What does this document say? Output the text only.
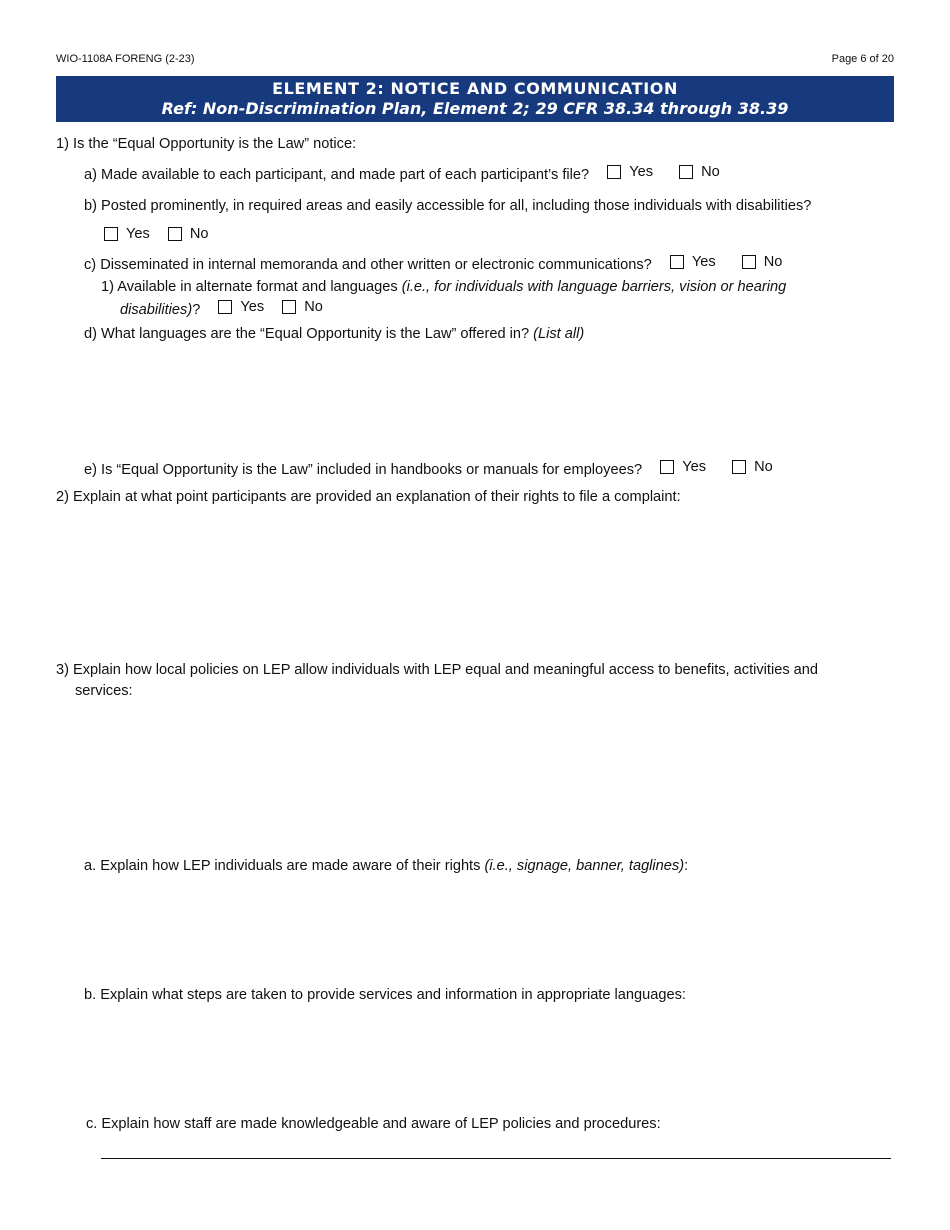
WIO-1108A FORENG (2-23)	Page 6 of 20
ELEMENT 2: NOTICE AND COMMUNICATION
Ref: Non-Discrimination Plan, Element 2; 29 CFR 38.34 through 38.39
1) Is the “Equal Opportunity is the Law” notice:
a) Made available to each participant, and made part of each participant’s file?	Yes
	No
b) Posted prominently, in required areas and easily accessible for all, including those individuals with disabilities?
Yes
	No
c) Disseminated in internal memoranda and other written or electronic communications?	Yes
	No
1) Available in alternate format and languages (i.e., for individuals with language barriers, vision or hearing
disabilities)?	Yes
	No
d) What languages are the “Equal Opportunity is the Law” offered in? (List all)
e) Is “Equal Opportunity is the Law” included in handbooks or manuals for employees?	Yes
	No
2) Explain at what point participants are provided an explanation of their rights to file a complaint:
3) Explain how local policies on LEP allow individuals with LEP equal and meaningful access to benefits, activities and
services:
a. Explain how LEP individuals are made aware of their rights (i.e., signage, banner, taglines):
b. Explain what steps are taken to provide services and information in appropriate languages:
c. Explain how staff are made knowledgeable and aware of LEP policies and procedures:
